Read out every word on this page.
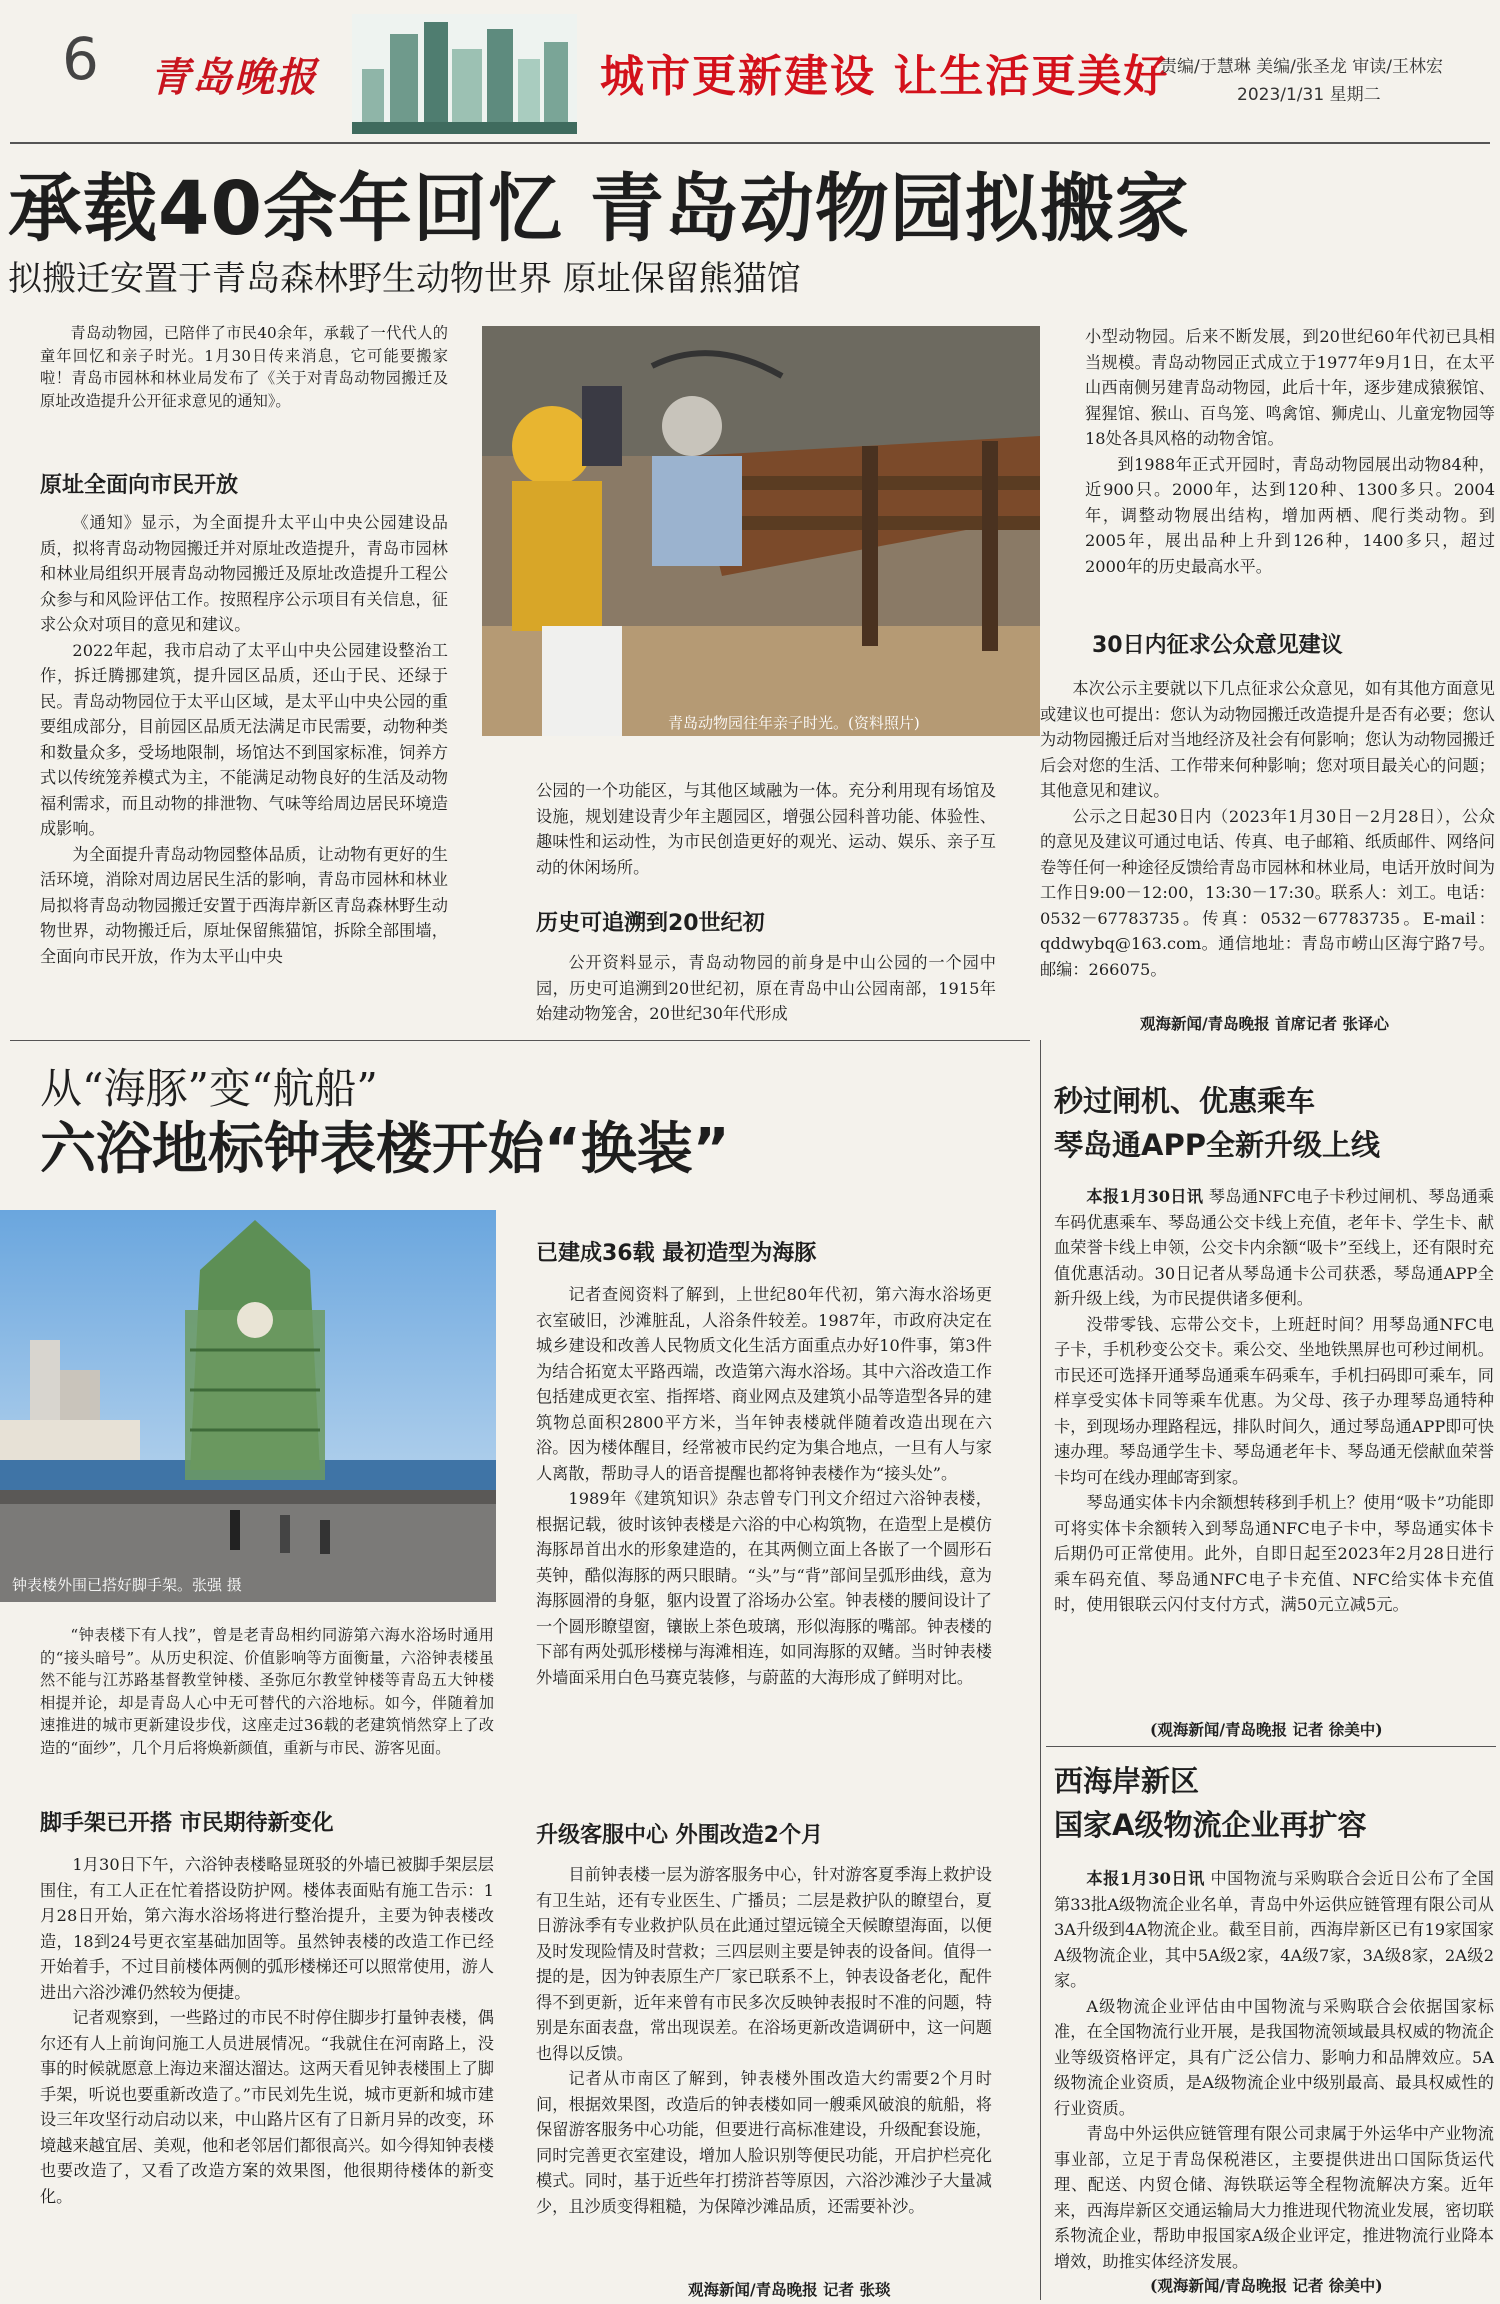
6 青岛晚报	城市更新建设 让生活更美好
责编/于慧琳 美编/张圣龙 审读/王林宏
2023/1/31 星期二
承载40余年回忆 青岛动物园拟搬家
拟搬迁安置于青岛森林野生动物世界 原址保留熊猫馆

青岛动物园，已陪伴了市民40余年，承载了一代代人的童年回忆和亲子时光。1月30日传来消息，它可能要搬家啦！青岛市园林和林业局发布了《关于对青岛动物园搬迁及原址改造提升公开征求意见的通知》。

原址全面向市民开放

《通知》显示，为全面提升太平山中央公园建设品质，拟将青岛动物园搬迁并对原址改造提升，青岛市园林和林业局组织开展青岛动物园搬迁及原址改造提升工程公众参与和风险评估工作。按照程序公示项目有关信息，征求公众对项目的意见和建议。

2022年起，我市启动了太平山中央公园建设整治工作，拆迁腾挪建筑，提升园区品质，还山于民、还绿于民。青岛动物园位于太平山区域，是太平山中央公园的重要组成部分，目前园区品质无法满足市民需要，动物种类和数量众多，受场地限制，场馆达不到国家标准，饲养方式以传统笼养模式为主，不能满足动物良好的生活及动物福利需求，而且动物的排泄物、气味等给周边居民环境造成影响。

为全面提升青岛动物园整体品质，让动物有更好的生活环境，消除对周边居民生活的影响，青岛市园林和林业局拟将青岛动物园搬迁安置于西海岸新区青岛森林野生动物世界，动物搬迁后，原址保留熊猫馆，拆除全部围墙，全面向市民开放，作为太平山中央

青岛动物园往年亲子时光。(资料照片)

公园的一个功能区，与其他区域融为一体。充分利用现有场馆及设施，规划建设青少年主题园区，增强公园科普功能、体验性、趣味性和运动性，为市民创造更好的观光、运动、娱乐、亲子互动的休闲场所。

历史可追溯到20世纪初

公开资料显示，青岛动物园的前身是中山公园的一个园中园，历史可追溯到20世纪初，原在青岛中山公园南部，1915年始建动物笼舍，20世纪30年代形成

小型动物园。后来不断发展，到20世纪60年代初已具相当规模。青岛动物园正式成立于1977年9月1日，在太平山西南侧另建青岛动物园，此后十年，逐步建成猿猴馆、猩猩馆、猴山、百鸟笼、鸣禽馆、狮虎山、儿童宠物园等18处各具风格的动物舍馆。

到1988年正式开园时，青岛动物园展出动物84种，近900只。2000年，达到120种、1300多只。2004年，调整动物展出结构，增加两栖、爬行类动物。到2005年，展出品种上升到126种，1400多只，超过2000年的历史最高水平。

30日内征求公众意见建议

本次公示主要就以下几点征求公众意见，如有其他方面意见或建议也可提出：您认为动物园搬迁改造提升是否有必要；您认为动物园搬迁后对当地经济及社会有何影响；您认为动物园搬迁后会对您的生活、工作带来何种影响；您对项目最关心的问题；其他意见和建议。

公示之日起30日内（2023年1月30日－2月28日），公众的意见及建议可通过电话、传真、电子邮箱、纸质邮件、网络问卷等任何一种途径反馈给青岛市园林和林业局，电话开放时间为工作日9:00－12:00，13:30－17:30。联系人：刘工。电话：0532－67783735。传真：0532－67783735。E-mail：qddwybq@163.com。通信地址：青岛市崂山区海宁路7号。邮编：266075。

观海新闻/青岛晚报 首席记者 张译心
从“海豚”变“航船”
六浴地标钟表楼开始“换装”
钟表楼外围已搭好脚手架。张强 摄

“钟表楼下有人找”，曾是老青岛相约同游第六海水浴场时通用的“接头暗号”。从历史积淀、价值影响等方面衡量，六浴钟表楼虽然不能与江苏路基督教堂钟楼、圣弥厄尔教堂钟楼等青岛五大钟楼相提并论，却是青岛人心中无可替代的六浴地标。如今，伴随着加速推进的城市更新建设步伐，这座走过36载的老建筑悄然穿上了改造的“面纱”，几个月后将焕新颜值，重新与市民、游客见面。

脚手架已开搭 市民期待新变化

1月30日下午，六浴钟表楼略显斑驳的外墙已被脚手架层层围住，有工人正在忙着搭设防护网。楼体表面贴有施工告示：1月28日开始，第六海水浴场将进行整治提升，主要为钟表楼改造，18到24号更衣室基础加固等。虽然钟表楼的改造工作已经开始着手，不过目前楼体两侧的弧形楼梯还可以照常使用，游人进出六浴沙滩仍然较为便捷。

记者观察到，一些路过的市民不时停住脚步打量钟表楼，偶尔还有人上前询问施工人员进展情况。“我就住在河南路上，没事的时候就愿意上海边来溜达溜达。这两天看见钟表楼围上了脚手架，听说也要重新改造了。”市民刘先生说，城市更新和城市建设三年攻坚行动启动以来，中山路片区有了日新月异的改变，环境越来越宜居、美观，他和老邻居们都很高兴。如今得知钟表楼也要改造了，又看了改造方案的效果图，他很期待楼体的新变化。

已建成36载 最初造型为海豚

记者查阅资料了解到，上世纪80年代初，第六海水浴场更衣室破旧，沙滩脏乱，人浴条件较差。1987年，市政府决定在城乡建设和改善人民物质文化生活方面重点办好10件事，第3件为结合拓宽太平路西端，改造第六海水浴场。其中六浴改造工作包括建成更衣室、指挥塔、商业网点及建筑小品等造型各异的建筑物总面积2800平方米，当年钟表楼就伴随着改造出现在六浴。因为楼体醒目，经常被市民约定为集合地点，一旦有人与家人离散，帮助寻人的语音提醒也都将钟表楼作为“接头处”。

1989年《建筑知识》杂志曾专门刊文介绍过六浴钟表楼，根据记载，彼时该钟表楼是六浴的中心构筑物，在造型上是模仿海豚昂首出水的形象建造的，在其两侧立面上各嵌了一个圆形石英钟，酷似海豚的两只眼睛。“头”与“背”部间呈弧形曲线，意为海豚圆滑的身躯，躯内设置了浴场办公室。钟表楼的腰间设计了一个圆形瞭望窗，镶嵌上茶色玻璃，形似海豚的嘴部。钟表楼的下部有两处弧形楼梯与海滩相连，如同海豚的双鳍。当时钟表楼外墙面采用白色马赛克装修，与蔚蓝的大海形成了鲜明对比。

升级客服中心 外围改造2个月

目前钟表楼一层为游客服务中心，针对游客夏季海上救护设有卫生站，还有专业医生、广播员；二层是救护队的瞭望台，夏日游泳季有专业救护队员在此通过望远镜全天候瞭望海面，以便及时发现险情及时营救；三四层则主要是钟表的设备间。值得一提的是，因为钟表原生产厂家已联系不上，钟表设备老化，配件得不到更新，近年来曾有市民多次反映钟表报时不准的问题，特别是东面表盘，常出现误差。在浴场更新改造调研中，这一问题也得以反馈。

记者从市南区了解到，钟表楼外围改造大约需要2个月时间，根据效果图，改造后的钟表楼如同一艘乘风破浪的航船，将保留游客服务中心功能，但要进行高标准建设，升级配套设施，同时完善更衣室建设，增加人脸识别等便民功能，开启护栏亮化模式。同时，基于近些年打捞浒苔等原因，六浴沙滩沙子大量减少，且沙质变得粗糙，为保障沙滩品质，还需要补沙。

观海新闻/青岛晚报 记者 张琰
秒过闸机、优惠乘车
琴岛通APP全新升级上线

本报1月30日讯 琴岛通NFC电子卡秒过闸机、琴岛通乘车码优惠乘车、琴岛通公交卡线上充值，老年卡、学生卡、献血荣誉卡线上申领，公交卡内余额“吸卡”至线上，还有限时充值优惠活动。30日记者从琴岛通卡公司获悉，琴岛通APP全新升级上线，为市民提供诸多便利。

没带零钱、忘带公交卡，上班赶时间？用琴岛通NFC电子卡，手机秒变公交卡。乘公交、坐地铁黑屏也可秒过闸机。市民还可选择开通琴岛通乘车码乘车，手机扫码即可乘车，同样享受实体卡同等乘车优惠。为父母、孩子办理琴岛通特种卡，到现场办理路程远，排队时间久，通过琴岛通APP即可快速办理。琴岛通学生卡、琴岛通老年卡、琴岛通无偿献血荣誉卡均可在线办理邮寄到家。

琴岛通实体卡内余额想转移到手机上？使用“吸卡”功能即可将实体卡余额转入到琴岛通NFC电子卡中，琴岛通实体卡后期仍可正常使用。此外，自即日起至2023年2月28日进行乘车码充值、琴岛通NFC电子卡充值、NFC给实体卡充值时，使用银联云闪付支付方式，满50元立减5元。

(观海新闻/青岛晚报 记者 徐美中)
西海岸新区
国家A级物流企业再扩容

本报1月30日讯 中国物流与采购联合会近日公布了全国第33批A级物流企业名单，青岛中外运供应链管理有限公司从3A升级到4A物流企业。截至目前，西海岸新区已有19家国家A级物流企业，其中5A级2家，4A级7家，3A级8家，2A级2家。

A级物流企业评估由中国物流与采购联合会依据国家标准，在全国物流行业开展，是我国物流领域最具权威的物流企业等级资格评定，具有广泛公信力、影响力和品牌效应。5A级物流企业资质，是A级物流企业中级别最高、最具权威性的行业资质。

青岛中外运供应链管理有限公司隶属于外运华中产业物流事业部，立足于青岛保税港区，主要提供进出口国际货运代理、配送、内贸仓储、海铁联运等全程物流解决方案。近年来，西海岸新区交通运输局大力推进现代物流业发展，密切联系物流企业，帮助申报国家A级企业评定，推进物流行业降本增效，助推实体经济发展。

(观海新闻/青岛晚报 记者 徐美中)
